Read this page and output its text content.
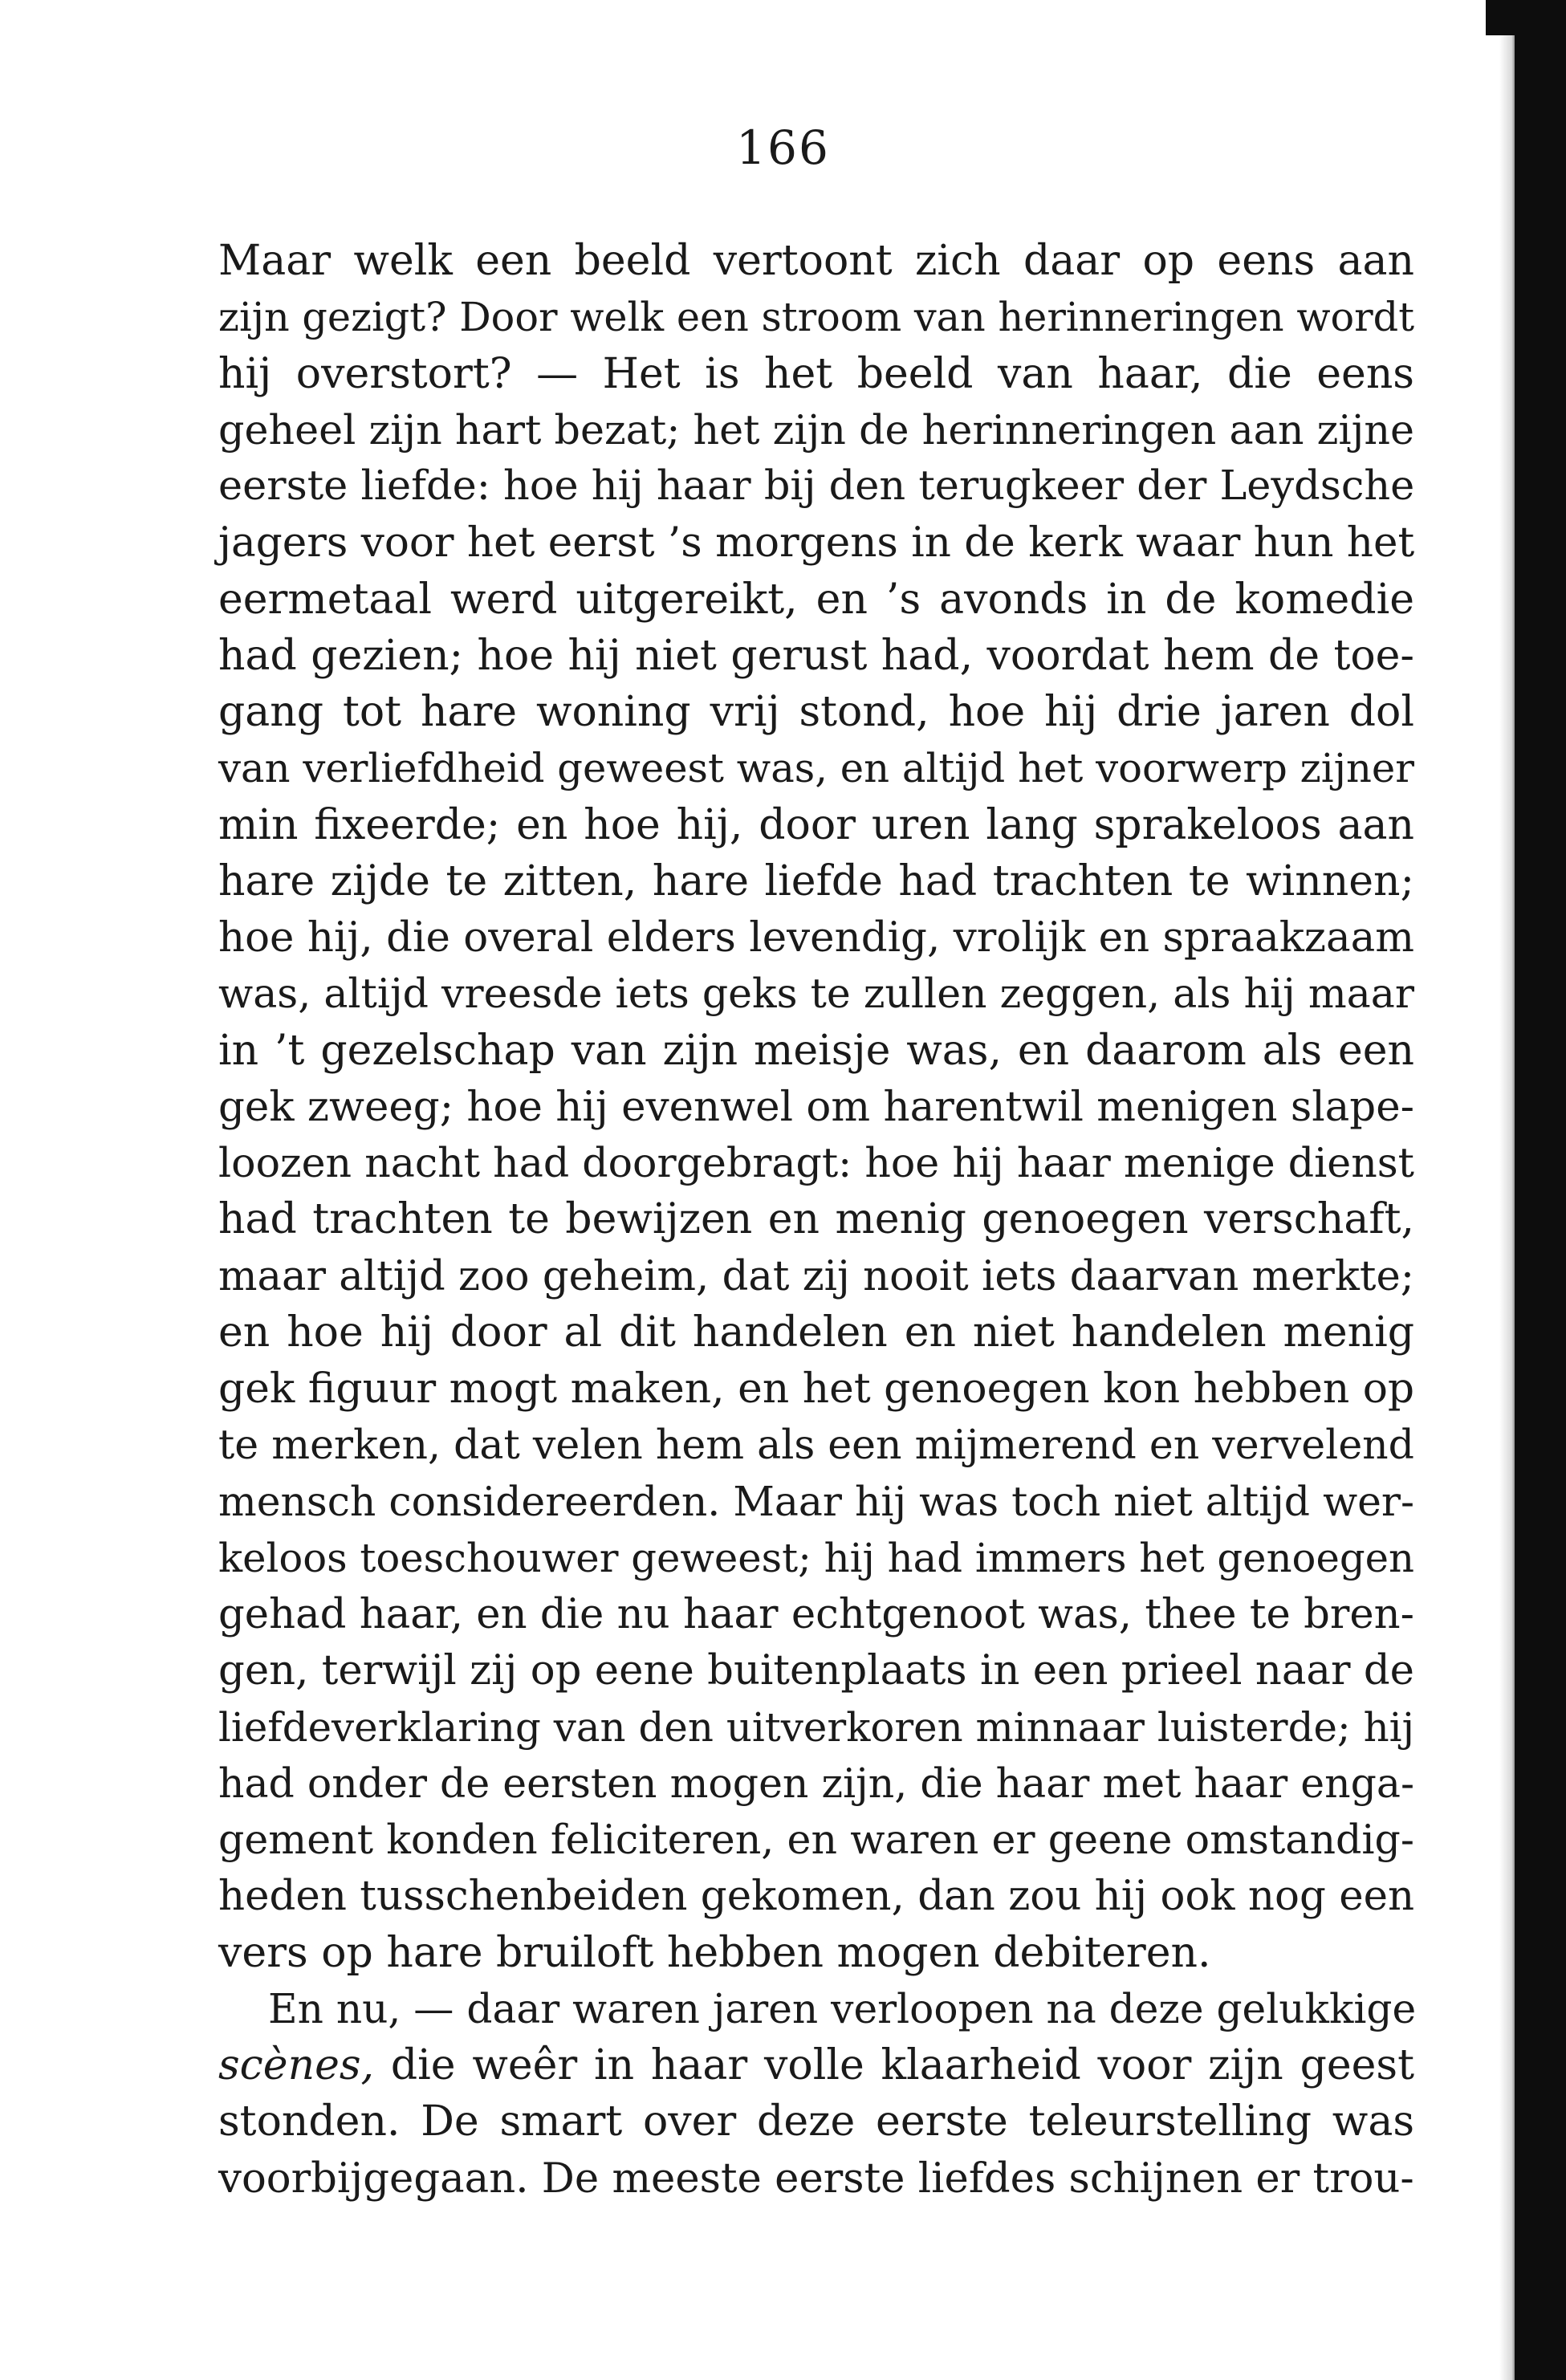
166
Maar welk een beeld vertoont zich daar op eens aan
zijn gezigt? Door welk een stroom van herinneringen wordt
hij overstort? — Het is het beeld van haar, die eens
geheel zijn hart bezat; het zijn de herinneringen aan zijne
eerste liefde: hoe hij haar bij den terugkeer der Leydsche
jagers voor het eerst ’s morgens in de kerk waar hun het
eermetaal werd uitgereikt, en ’s avonds in de komedie
had gezien; hoe hij niet gerust had, voordat hem de toe-
gang tot hare woning vrij stond, hoe hij drie jaren dol
van verliefdheid geweest was, en altijd het voorwerp zijner
min fixeerde; en hoe hij, door uren lang sprakeloos aan
hare zijde te zitten, hare liefde had trachten te winnen;
hoe hij, die overal elders levendig, vrolijk en spraakzaam
was, altijd vreesde iets geks te zullen zeggen, als hij maar
in ’t gezelschap van zijn meisje was, en daarom als een
gek zweeg; hoe hij evenwel om harentwil menigen slape-
loozen nacht had doorgebragt: hoe hij haar menige dienst
had trachten te bewijzen en menig genoegen verschaft,
maar altijd zoo geheim, dat zij nooit iets daarvan merkte;
en hoe hij door al dit handelen en niet handelen menig
gek figuur mogt maken, en het genoegen kon hebben op
te merken, dat velen hem als een mijmerend en vervelend
mensch considereerden. Maar hij was toch niet altijd wer-
keloos toeschouwer geweest; hij had immers het genoegen
gehad haar, en die nu haar echtgenoot was, thee te bren-
gen, terwijl zij op eene buitenplaats in een prieel naar de
liefdeverklaring van den uitverkoren minnaar luisterde; hij
had onder de eersten mogen zijn, die haar met haar enga-
gement konden feliciteren, en waren er geene omstandig-
heden tusschenbeiden gekomen, dan zou hij ook nog een
vers op hare bruiloft hebben mogen debiteren.
En nu, — daar waren jaren verloopen na deze gelukkige
scènes, die weêr in haar volle klaarheid voor zijn geest
stonden. De smart over deze eerste teleurstelling was
voorbijgegaan. De meeste eerste liefdes schijnen er trou-
